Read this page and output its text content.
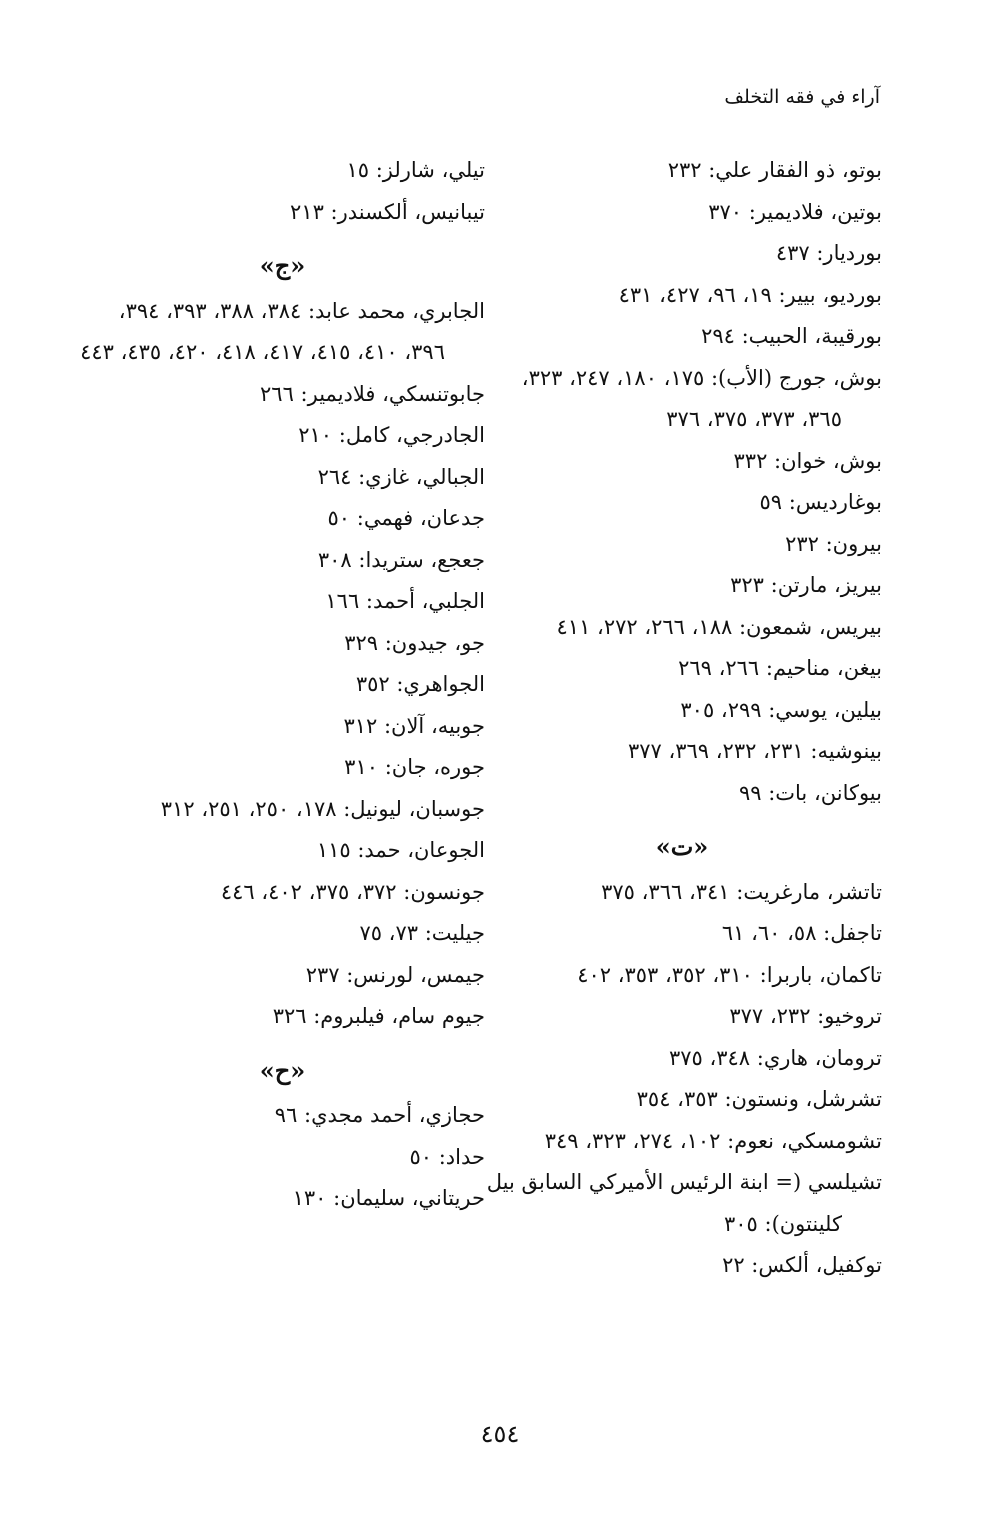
آراء في فقه التخلف
بوتو، ذو الفقار علي: ٢٣٢
بوتين، فلاديمير: ٣٧٠
بورديار: ٤٣٧
بوردیو، بییر: ١٩، ٩٦، ٤٢٧، ٤٣١
بورقيبة، الحبيب: ٢٩٤
بوش، جورج (الأب): ١٧٥، ١٨٠، ٢٤٧، ٣٢٣، ٣٦٥، ٣٧٣، ٣٧٥، ٣٧٦
بوش، خوان: ٣٣٢
بوغارديس: ٥٩
بيرون: ٢٣٢
بيريز، مارتن: ٣٢٣
بيريس، شمعون: ١٨٨، ٢٦٦، ٢٧٢، ٤١١
بيغن، مناحيم: ٢٦٦، ٢٦٩
بيلين، يوسي: ٢٩٩، ٣٠٥
بينوشيه: ٢٣١، ٢٣٢، ٣٦٩، ٣٧٧
بيوكانن، بات: ٩٩
«ت»
تاتشر، مارغريت: ٣٤١، ٣٦٦، ٣٧٥
تاجفل: ٥٨، ٦٠، ٦١
تاكمان، باربرا: ٣١٠، ٣٥٢، ٣٥٣، ٤٠٢
تروخيو: ٢٣٢، ٣٧٧
ترومان، هاري: ٣٤٨، ٣٧٥
تشرشل، ونستون: ٣٥٣، ٣٥٤
تشومسكي، نعوم: ١٠٢، ٢٧٤، ٣٢٣، ٣٤٩
تشيلسي (= ابنة الرئيس الأميركي السابق بيل كلينتون): ٣٠٥
توكفيل، ألكس: ٢٢
تيلي، شارلز: ١٥
تيبانيس، ألكسندر: ٢١٣
«ج»
الجابري، محمد عابد: ٣٨٤، ٣٨٨، ٣٩٣، ٣٩٤، ٣٩٦، ٤١٠، ٤١٥، ٤١٧، ٤١٨، ٤٢٠، ٤٣٥، ٤٤٣
جابوتنسكي، فلاديمير: ٢٦٦
الجادرجي، كامل: ٢١٠
الجبالي، غازي: ٢٦٤
جدعان، فهمي: ٥٠
جعجع، ستريدا: ٣٠٨
الجلبي، أحمد: ١٦٦
جو، جيدون: ٣٢٩
الجواهري: ٣٥٢
جوبيه، آلان: ٣١٢
جوره، جان: ٣١٠
جوسبان، ليونيل: ١٧٨، ٢٥٠، ٢٥١، ٣١٢
الجوعان، حمد: ١١٥
جونسون: ٣٧٢، ٣٧٥، ٤٠٢، ٤٤٦
جيليت: ٧٣، ٧٥
جيمس، لورنس: ٢٣٧
جيوم سام، فيلبروم: ٣٢٦
«ح»
حجازي، أحمد مجدي: ٩٦
حداد: ٥٠
حريتاني، سليمان: ١٣٠
٤٥٤
